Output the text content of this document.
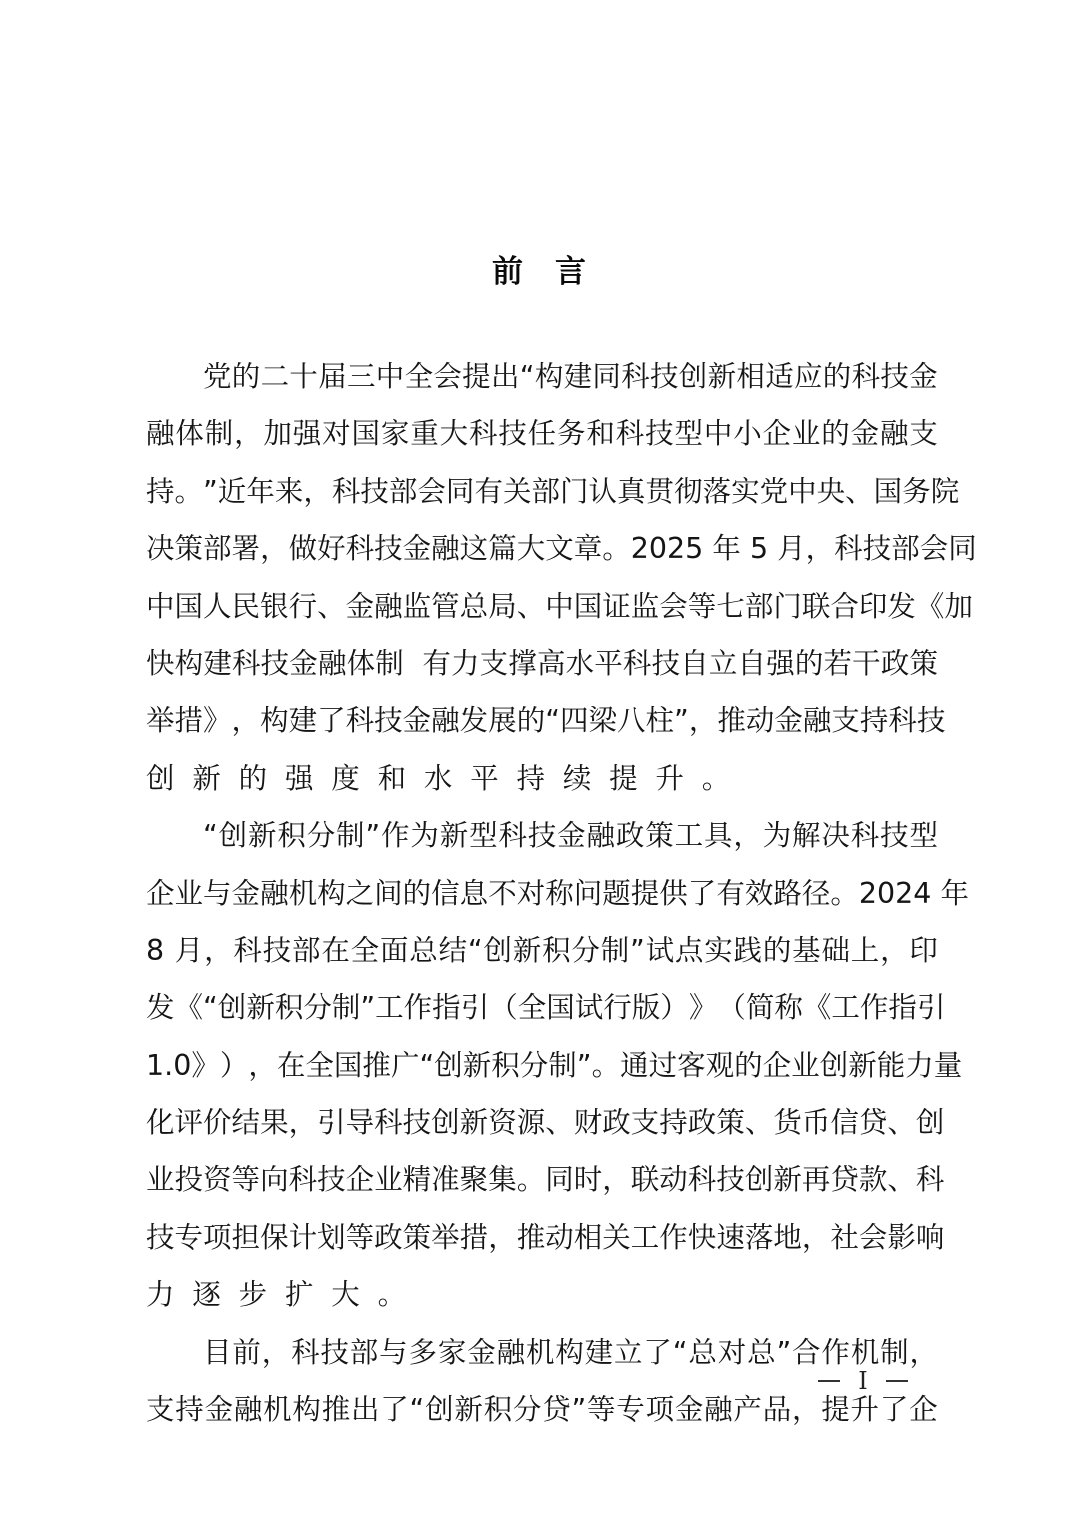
前 言
党 的 二 十 届 三 中 全 会 提 出 “ 构 建 同 科 技 创 新 相 适 应 的 科 技 金
融 体 制 ， 加 强 对 国 家 重 大 科 技 任 务 和 科 技 型 中 小 企 业 的 金 融 支
持 。 ” 近 年 来 ， 科 技 部 会 同 有 关 部 门 认 真 贯 彻 落 实 党 中 央 、 国 务 院
决 策 部 署 ， 做 好 科 技 金 融 这 篇 大 文 章 。 2025
年
5
月 ， 科 技 部 会 同
中 国 人 民 银 行 、 金 融 监 管 总 局 、 中 国 证 监 会 等 七 部 门 联 合 印 发 《 加
快 构 建 科 技 金 融 体 制

有 力 支 撑 高 水 平 科 技 自 立 自 强 的 若 干 政 策
举 措 》 ， 构 建 了 科 技 金 融 发 展 的 “ 四 梁 八 柱 ” ， 推 动 金 融 支 持 科 技
创 新 的 强 度 和 水 平 持 续 提 升 。
“ 创 新 积 分 制 ” 作 为 新 型 科 技 金 融 政 策 工 具 ， 为 解 决 科 技 型
企 业 与 金 融 机 构 之 间 的 信 息 不 对 称 问 题 提 供 了 有 效 路 径 。 2024
年
8
月 ， 科 技 部 在 全 面 总 结 “ 创 新 积 分 制 ” 试 点 实 践 的 基 础 上 ， 印
发 《 “ 创 新 积 分 制 ” 工 作 指 引 （ 全 国 试 行 版 ） 》 （ 简 称 《 工 作 指 引
1.0 》 ） ， 在 全 国 推 广 “ 创 新 积 分 制 ” 。 通 过 客 观 的 企 业 创 新 能 力 量
化 评 价 结 果 ， 引 导 科 技 创 新 资 源 、 财 政 支 持 政 策 、 货 币 信 贷 、 创
业 投 资 等 向 科 技 企 业 精 准 聚 集 。 同 时 ， 联 动 科 技 创 新 再 贷 款 、 科
技 专 项 担 保 计 划 等 政 策 举 措 ， 推 动 相 关 工 作 快 速 落 地 ， 社 会 影 响
力 逐 步 扩 大 。
目 前 ， 科 技 部 与 多 家 金 融 机 构 建 立 了 “ 总 对 总 ” 合 作 机 制 ，
支 持 金 融 机 构 推 出 了 “ 创 新 积 分 贷 ” 等 专 项 金 融 产 品 ， 提 升 了 企
I
